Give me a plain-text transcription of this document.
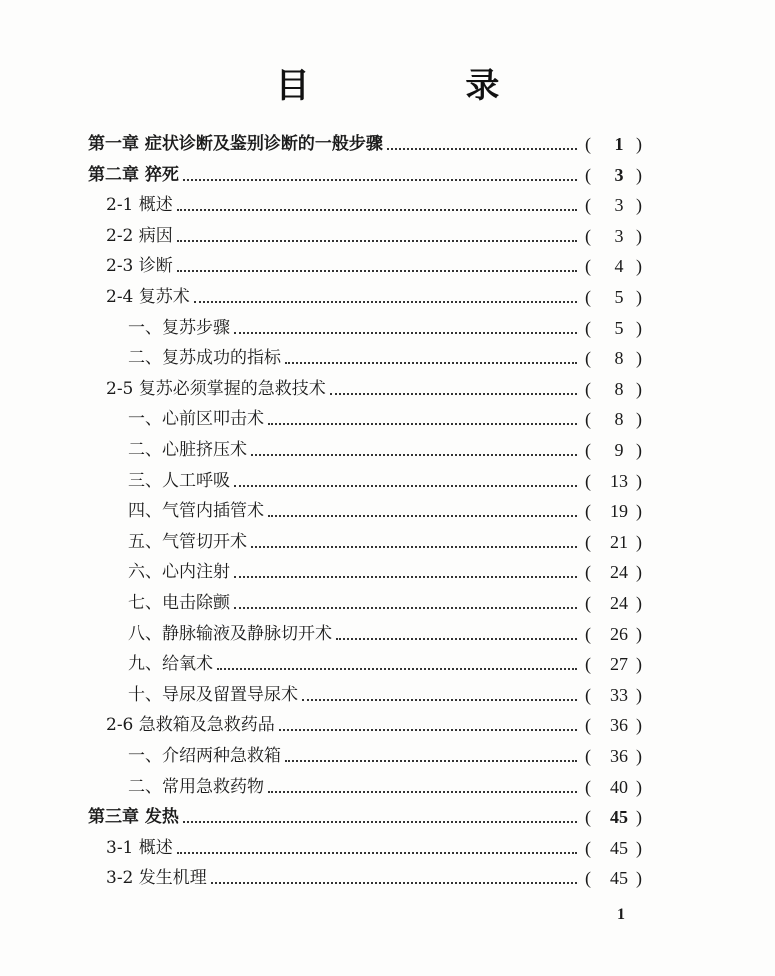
目 录
第一章 症状诊断及鉴别诊断的一般步骤	(	1 )
第二章 猝死	(	3 )
2-1 概述	(	3 )
2-2 病因	(	3 )
2-3 诊断	(	4 )
2-4 复苏术	(	5 )
一、复苏步骤	(	5 )
二、复苏成功的指标	(	8 )
2-5 复苏必须掌握的急救技术	(	8 )
一、心前区叩击术	(	8 )
二、心脏挤压术	(	9 )
三、人工呼吸	(	13 )
四、气管内插管术	(	19 )
五、气管切开术	(	21 )
六、心内注射	(	24 )
七、电击除颤	(	24 )
八、静脉输液及静脉切开术	(	26 )
九、给氧术	(	27 )
十、导尿及留置导尿术	(	33 )
2-6 急救箱及急救药品	(	36 )
一、介绍两种急救箱	(	36 )
二、常用急救药物	(	40 )
第三章 发热	(	45 )
3-1 概述	(	45 )
3-2 发生机理	(	45 )
1
